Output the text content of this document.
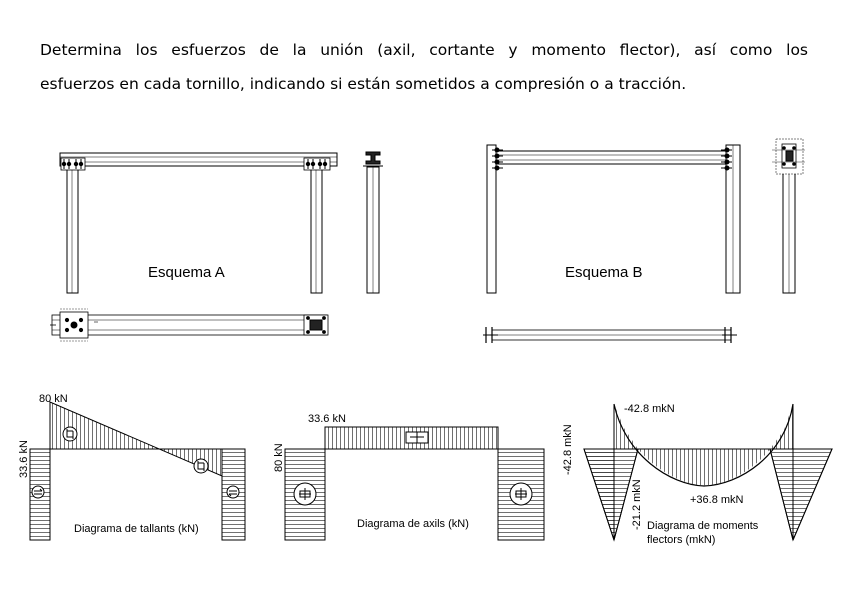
Determina los esfuerzos de la unión (axil, cortante y momento flector), así como los

esfuerzos en cada tornillo, indicando si están sometidos a compresión o a tracción.

Esquema A	Esquema B
80 kN
33.6 kN
Diagrama de tallants (kN)
33.6 kN
80 kN
Diagrama de axils (kN)
-42.8 mkN
-42.8 mkN
+36.8 mkN
-21.2 mkN Diagrama de moments
flectors (mkN)
